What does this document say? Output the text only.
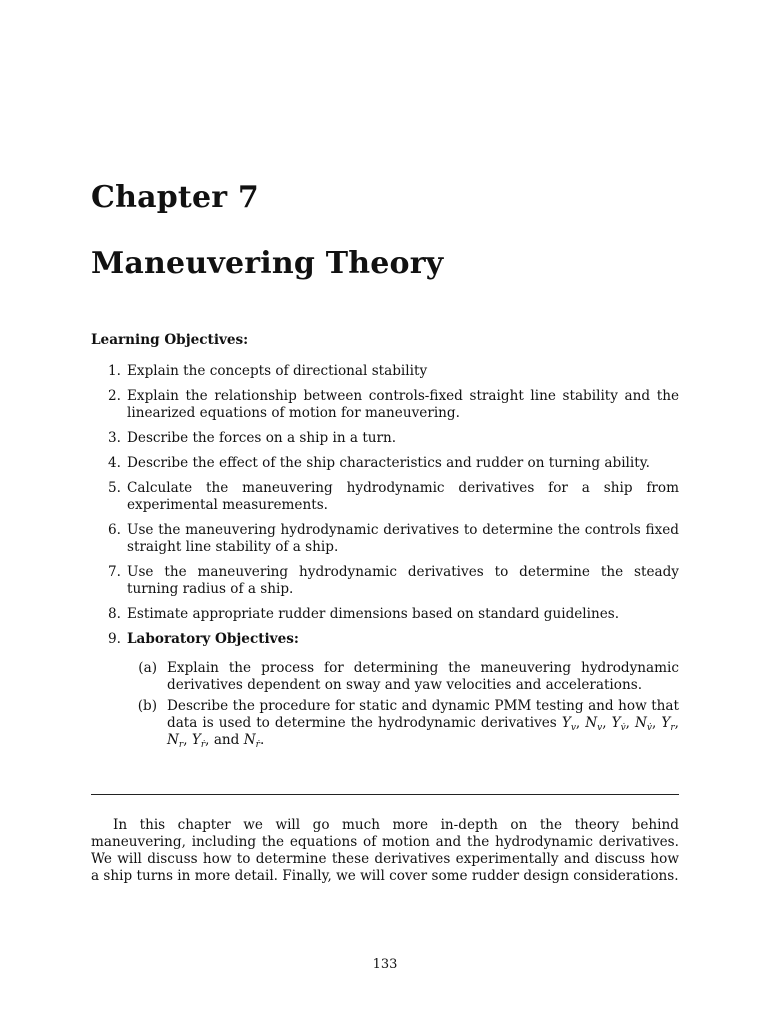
Chapter 7
Maneuvering Theory
Learning Objectives:
1. Explain the concepts of directional stability
2. Explain the relationship between controls-fixed straight line stability and the linearized equations of motion for maneuvering.
3. Describe the forces on a ship in a turn.
4. Describe the effect of the ship characteristics and rudder on turning ability.
5. Calculate the maneuvering hydrodynamic derivatives for a ship from experimental measurements.
6. Use the maneuvering hydrodynamic derivatives to determine the controls fixed straight line stability of a ship.
7. Use the maneuvering hydrodynamic derivatives to determine the steady turning radius of a ship.
8. Estimate appropriate rudder dimensions based on standard guidelines.
9. Laboratory Objectives:
(a) Explain the process for determining the maneuvering hydrodynamic derivatives dependent on sway and yaw velocities and accelerations.
(b) Describe the procedure for static and dynamic PMM testing and how that data is used to determine the hydrodynamic derivatives $Y_v$, $N_v$, $Y_{v̇}$, $N_{v̇}$, $Y_r$, $N_r$, $Y_ṙ$, and $N_ṙ$.

In this chapter we will go much more in-depth on the theory behind maneuvering, including the equations of motion and the hydrodynamic derivatives. We will discuss how to determine these derivatives experimentally and discuss how a ship turns in more detail. Finally, we will cover some rudder design considerations.

133
